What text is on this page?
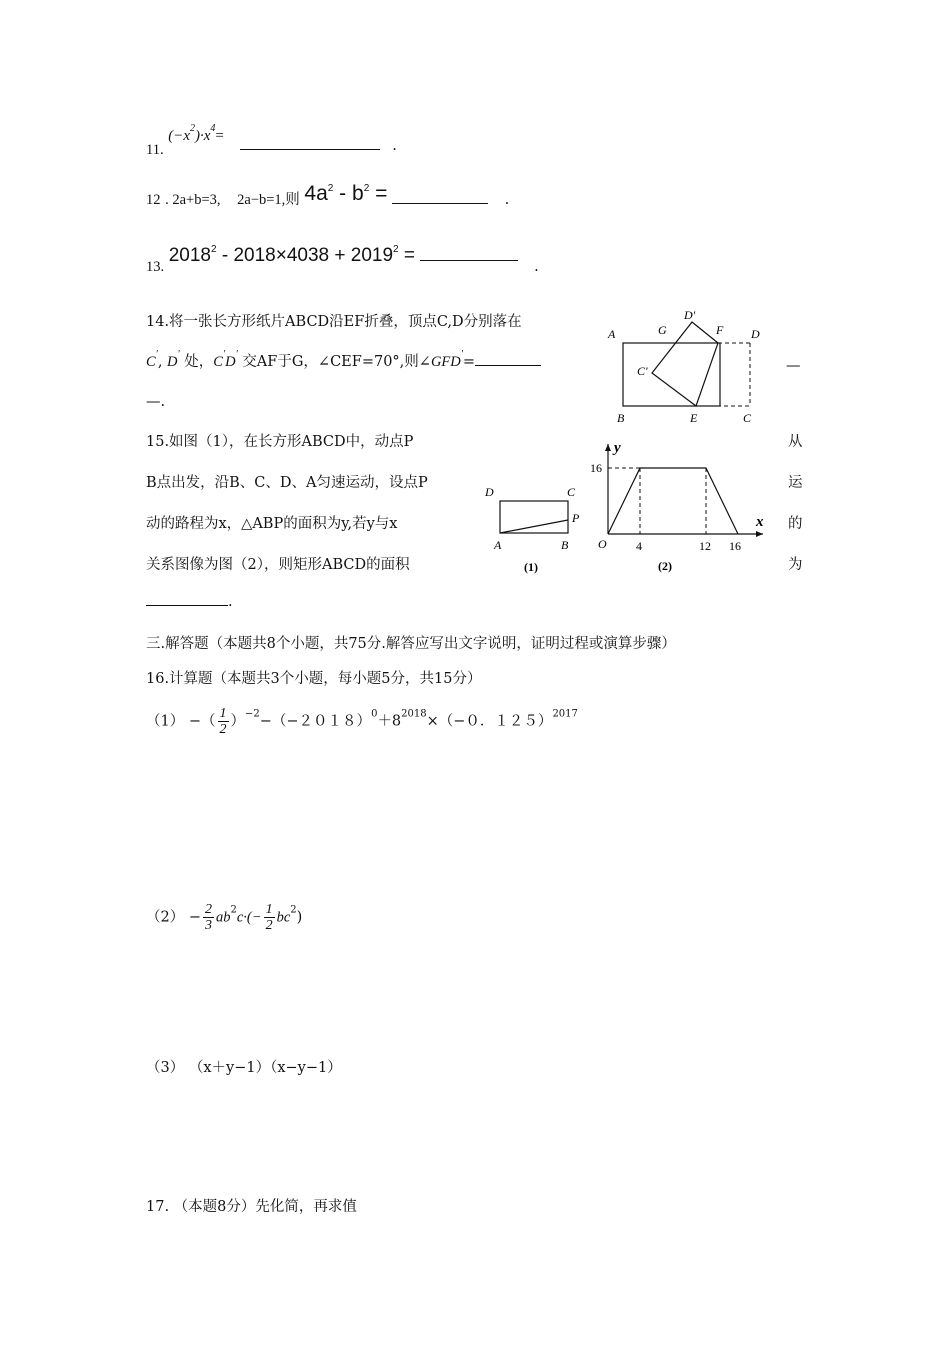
11. $(-x^2)\cdot x^4=$  .
12 . 2a+b=3, 2a−b=1,则 $4a^2 - b^2$ =	.
13. $2018^2 - 2018\times 4038 + 2019^2$ =  .
14.将一张长方形纸片ABCD沿EF折叠，顶点C,D分别落在
C', D' 处，C'D' 交AF于G，∠CEF=70°,则∠GFD'=	—
—.
A	G
D'
F D
C'
B	E	C
15.如图（1），在长方形ABCD中，动点P
B点出发，沿B、C、D、A匀速运动，设点P
动的路程为x，△ABP的面积为y,若y与x
关系图像为图（2），则矩形ABCD的面积
从
运
的
为
.
D	C
P
A	B
(1)
y
x
O
16
4	12 16
(2)
三.解答题（本题共8个小题，共75分.解答应写出文字说明，证明过程或演算步骤）
16.计算题（本题共3个小题，每小题5分，共15分）
（1） −（ $\frac{1}{2} )^{-2}-(-2018)^0+8^{2018}\times(-0$．１２５）$^{2017}$
$(2) - \frac{2}{3} ab^2c\cdot(- \frac{1}{2} bc^2)$
（3） （x＋y−1）（x−y−1）
17. （本题8分）先化简，再求值
